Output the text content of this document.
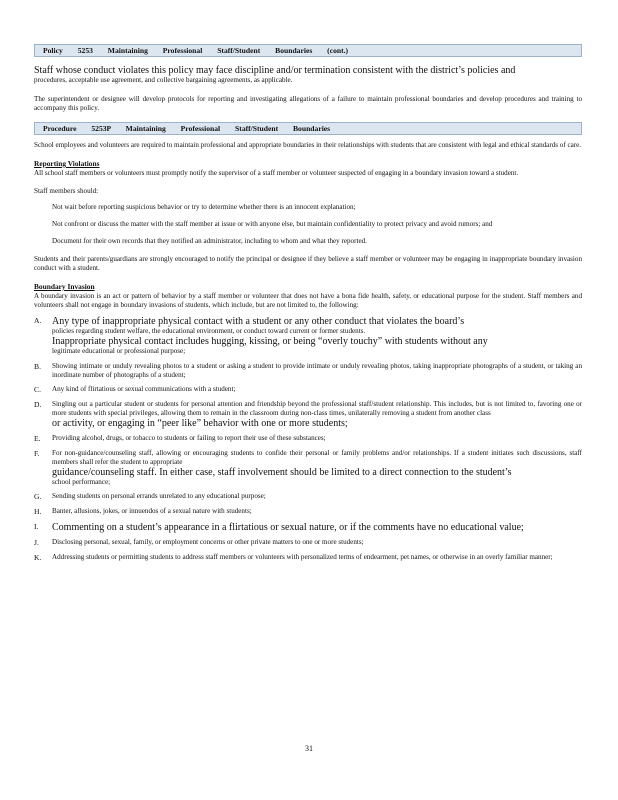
Policy 5253 Maintaining Professional Staff/Student Boundaries (cont.)

Staff whose conduct violates this policy may face discipline and/or termination consistent with the district’s policies and

procedures, acceptable use agreement, and collective bargaining agreements, as applicable.

The superintendent or designee will develop protocols for reporting and investigating allegations of a failure to maintain professional boundaries and develop procedures and training to accompany this policy.

Procedure 5253P Maintaining Professional Staff/Student Boundaries

School employees and volunteers are required to maintain professional and appropriate boundaries in their relationships with students that are consistent with legal and ethical standards of care.

Reporting Violations

All school staff members or volunteers must promptly notify the supervisor of a staff member or volunteer suspected of engaging in a boundary invasion toward a student.

Staff members should:

Not wait before reporting suspicious behavior or try to determine whether there is an innocent explanation;
Not confront or discuss the matter with the staff member at issue or with anyone else, but maintain confidentiality to protect privacy and avoid rumors; and
Document for their own records that they notified an administrator, including to whom and what they reported.

Students and their parents/guardians are strongly encouraged to notify the principal or designee if they believe a staff member or volunteer may be engaging in inappropriate boundary invasion conduct with a student.

Boundary Invasion

A boundary invasion is an act or pattern of behavior by a staff member or volunteer that does not have a bona fide health, safety, or educational purpose for the student. Staff members and volunteers shall not engage in boundary invasions of students, which include, but are not limited to, the following:

A.	Any type of inappropriate physical contact with a student or any other conduct that violates the board’s

policies regarding student welfare, the educational environment, or conduct toward current or former students.

Inappropriate physical contact includes hugging, kissing, or being “overly touchy” with students without any

legitimate educational or professional purpose;

B.	Showing intimate or unduly revealing photos to a student or asking a student to provide intimate or unduly revealing photos, taking inappropriate photographs of a student, or taking an inordinate number of photographs of a student;

C.	Any kind of flirtatious or sexual communications with a student;

D.	Singling out a particular student or students for personal attention and friendship beyond the professional staff/student relationship. This includes, but is not limited to, favoring one or more students with special privileges, allowing them to remain in the classroom during non-class times, unilaterally removing a student from another class

or activity, or engaging in “peer like” behavior with one or more students;

E.	Providing alcohol, drugs, or tobacco to students or failing to report their use of these substances;

F.	For non-guidance/counseling staff, allowing or encouraging students to confide their personal or family problems and/or relationships. If a student initiates such discussions, staff members shall refer the student to appropriate

guidance/counseling staff. In either case, staff involvement should be limited to a direct connection to the student’s

school performance;

G.	Sending students on personal errands unrelated to any educational purpose;

H.	Banter, allusions, jokes, or innuendos of a sexual nature with students;

I.	Commenting on a student’s appearance in a flirtatious or sexual nature, or if the comments have no educational value;

J.	Disclosing personal, sexual, family, or employment concerns or other private matters to one or more students;

K.	Addressing students or permitting students to address staff members or volunteers with personalized terms of endearment, pet names, or otherwise in an overly familiar manner;

31
